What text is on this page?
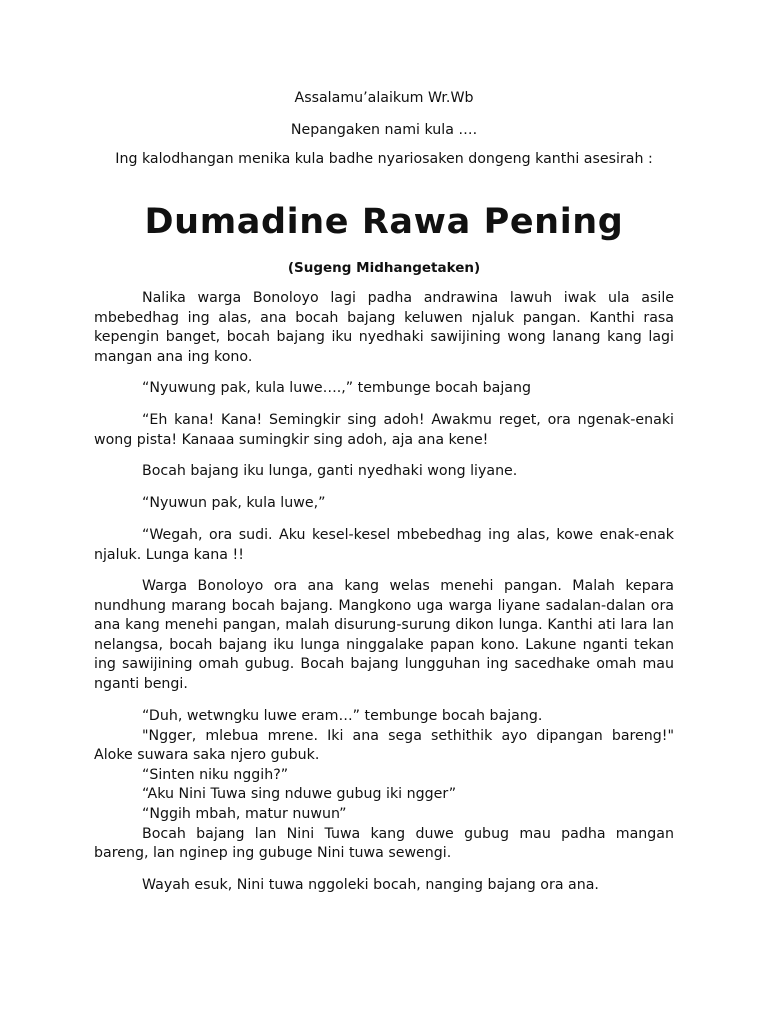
Assalamu’alaikum Wr.Wb

Nepangaken nami kula ….

Ing kalodhangan menika kula badhe nyariosaken dongeng kanthi asesirah :

Dumadine Rawa Pening

(Sugeng Midhangetaken)

Nalika warga Bonoloyo lagi padha andrawina lawuh iwak ula asile mbebedhag ing alas, ana bocah bajang keluwen njaluk pangan. Kanthi rasa kepengin banget, bocah bajang iku nyedhaki sawijining wong lanang kang lagi mangan ana ing kono.

“Nyuwung pak, kula luwe….,” tembunge bocah bajang

“Eh kana! Kana! Semingkir sing adoh! Awakmu reget, ora ngenak-enaki wong pista! Kanaaa sumingkir sing adoh, aja ana kene!

Bocah bajang iku lunga, ganti nyedhaki wong liyane.

“Nyuwun pak, kula luwe,”

“Wegah, ora sudi. Aku kesel-kesel mbebedhag ing alas, kowe enak-enak njaluk. Lunga kana !!

Warga Bonoloyo ora ana kang welas menehi pangan. Malah kepara nundhung marang bocah bajang. Mangkono uga warga liyane sadalan-dalan ora ana kang menehi pangan, malah disurung-surung dikon lunga. Kanthi ati lara lan nelangsa, bocah bajang iku lunga ninggalake papan kono. Lakune nganti tekan ing sawijining omah gubug. Bocah bajang lungguhan ing sacedhake omah mau nganti bengi.

“Duh, wetwngku luwe eram…” tembunge bocah bajang.
"Ngger, mlebua mrene. Iki ana sega sethithik ayo dipangan bareng!" Aloke suwara saka njero gubuk.
“Sinten niku nggih?”
“Aku Nini Tuwa sing nduwe gubug iki ngger”
“Nggih mbah, matur nuwun”
Bocah bajang lan Nini Tuwa kang duwe gubug mau padha mangan bareng, lan nginep ing gubuge Nini tuwa sewengi.

Wayah esuk, Nini tuwa nggoleki bocah, nanging bajang ora ana.
